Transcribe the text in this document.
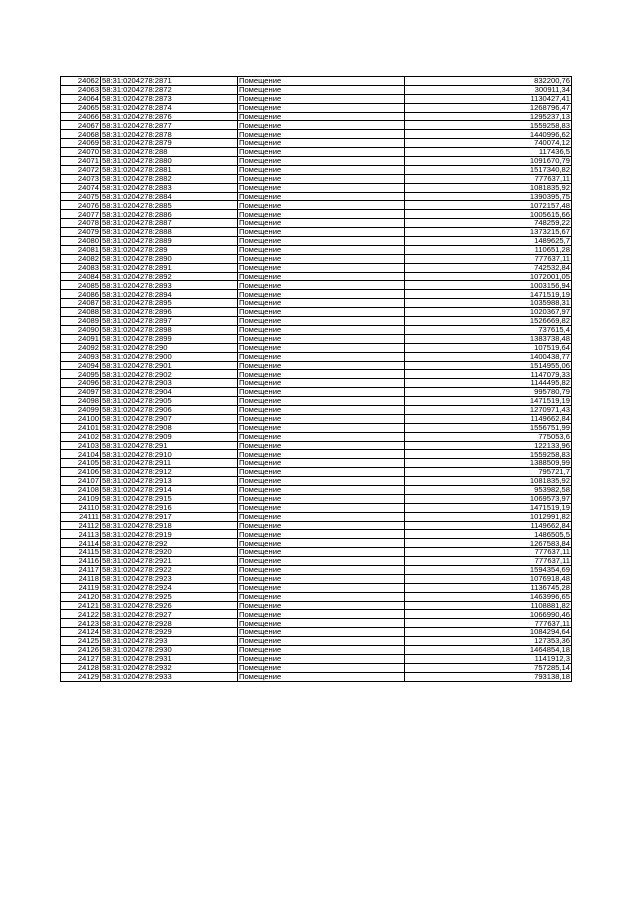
24062	58:31:0204278:2871	Помещение	832200,76
24063	58:31:0204278:2872	Помещение	300911,34
24064	58:31:0204278:2873	Помещение	1130427,41
24065	58:31:0204278:2874	Помещение	1268796,47
24066	58:31:0204278:2876	Помещение	1295237,13
24067	58:31:0204278:2877	Помещение	1559258,83
24068	58:31:0204278:2878	Помещение	1440996,62
24069	58:31:0204278:2879	Помещение	740074,12
24070	58:31:0204278:288	Помещение	117436,5
24071	58:31:0204278:2880	Помещение	1091670,79
24072	58:31:0204278:2881	Помещение	1517340,82
24073	58:31:0204278:2882	Помещение	777637,11
24074	58:31:0204278:2883	Помещение	1081835,92
24075	58:31:0204278:2884	Помещение	1390395,75
24076	58:31:0204278:2885	Помещение	1072157,48
24077	58:31:0204278:2886	Помещение	1005615,66
24078	58:31:0204278:2887	Помещение	748259,22
24079	58:31:0204278:2888	Помещение	1373215,67
24080	58:31:0204278:2889	Помещение	1489625,7
24081	58:31:0204278:289	Помещение	110651,28
24082	58:31:0204278:2890	Помещение	777637,11
24083	58:31:0204278:2891	Помещение	742532,84
24084	58:31:0204278:2892	Помещение	1072001,05
24085	58:31:0204278:2893	Помещение	1003156,94
24086	58:31:0204278:2894	Помещение	1471519,19
24087	58:31:0204278:2895	Помещение	1035988,31
24088	58:31:0204278:2896	Помещение	1020367,97
24089	58:31:0204278:2897	Помещение	1526669,82
24090	58:31:0204278:2898	Помещение	737615,4
24091	58:31:0204278:2899	Помещение	1383738,48
24092	58:31:0204278:290	Помещение	107519,64
24093	58:31:0204278:2900	Помещение	1400438,77
24094	58:31:0204278:2901	Помещение	1514955,06
24095	58:31:0204278:2902	Помещение	1147079,33
24096	58:31:0204278:2903	Помещение	1144495,82
24097	58:31:0204278:2904	Помещение	995780,79
24098	58:31:0204278:2905	Помещение	1471519,19
24099	58:31:0204278:2906	Помещение	1270971,43
24100	58:31:0204278:2907	Помещение	1149662,84
24101	58:31:0204278:2908	Помещение	1556751,99
24102	58:31:0204278:2909	Помещение	775053,6
24103	58:31:0204278:291	Помещение	122133,96
24104	58:31:0204278:2910	Помещение	1559258,83
24105	58:31:0204278:2911	Помещение	1388509,99
24106	58:31:0204278:2912	Помещение	795721,7
24107	58:31:0204278:2913	Помещение	1081835,92
24108	58:31:0204278:2914	Помещение	953982,58
24109	58:31:0204278:2915	Помещение	1069573,97
24110	58:31:0204278:2916	Помещение	1471519,19
24111	58:31:0204278:2917	Помещение	1012991,82
24112	58:31:0204278:2918	Помещение	1149662,84
24113	58:31:0204278:2919	Помещение	1486505,5
24114	58:31:0204278:292	Помещение	1267583,84
24115	58:31:0204278:2920	Помещение	777637,11
24116	58:31:0204278:2921	Помещение	777637,11
24117	58:31:0204278:2922	Помещение	1594354,69
24118	58:31:0204278:2923	Помещение	1076918,48
24119	58:31:0204278:2924	Помещение	1136745,28
24120	58:31:0204278:2925	Помещение	1463996,65
24121	58:31:0204278:2926	Помещение	1108881,82
24122	58:31:0204278:2927	Помещение	1066990,46
24123	58:31:0204278:2928	Помещение	777637,11
24124	58:31:0204278:2929	Помещение	1084294,64
24125	58:31:0204278:293	Помещение	127353,36
24126	58:31:0204278:2930	Помещение	1464854,18
24127	58:31:0204278:2931	Помещение	1141912,3
24128	58:31:0204278:2932	Помещение	757285,14
24129	58:31:0204278:2933	Помещение	793138,18
